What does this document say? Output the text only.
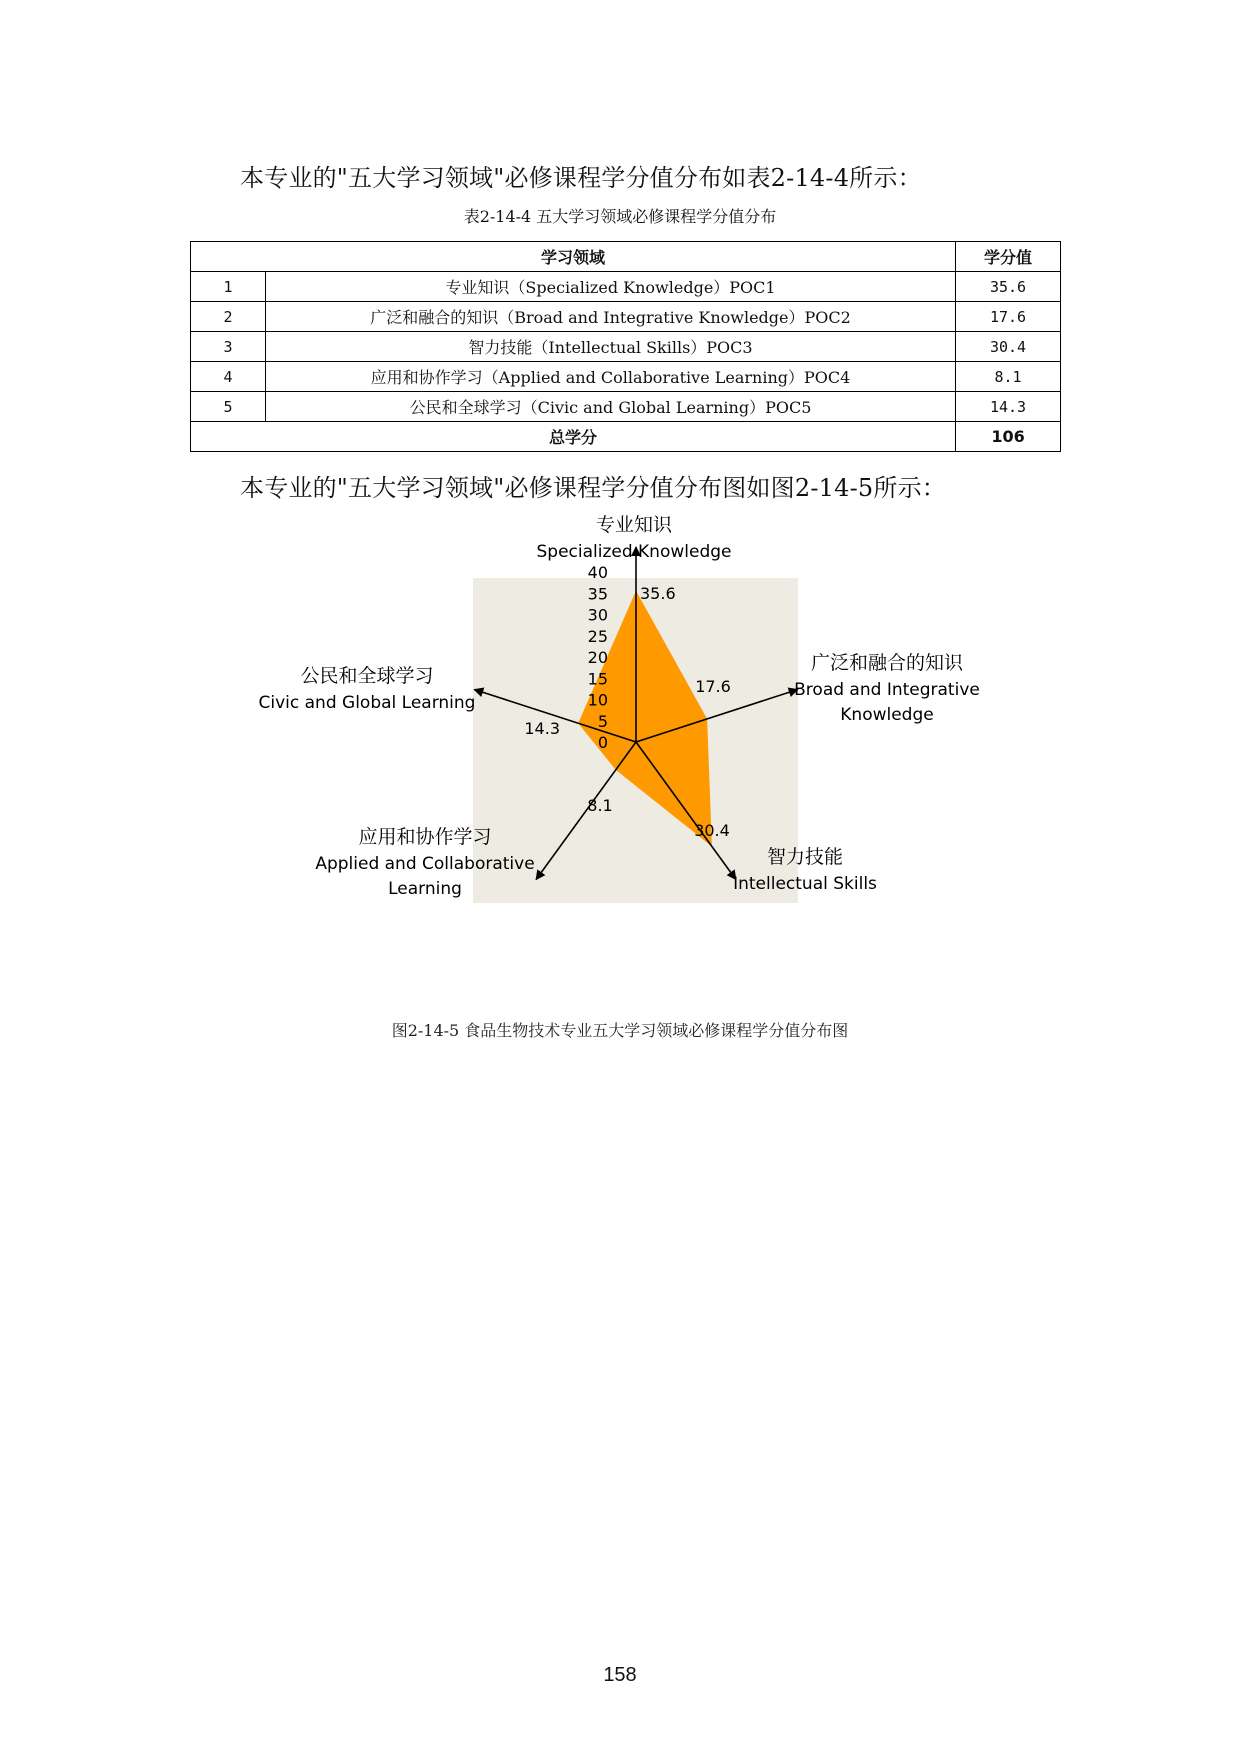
本专业的"五大学习领域"必修课程学分值分布如表2-14-4所示：

表2-14-4 五大学习领域必修课程学分值分布

学习领域		学分值
1	专业知识（Specialized Knowledge）POC1	35.6
2	广泛和融合的知识（Broad and Integrative Knowledge）POC2	17.6
3	智力技能（Intellectual Skills）POC3	30.4
4	应用和协作学习（Applied and Collaborative Learning）POC4	8.1
5	公民和全球学习（Civic and Global Learning）POC5	14.3
总学分		106

本专业的"五大学习领域"必修课程学分值分布图如图2-14-5所示：

0
5
10
15
20
25
30
35
40
35.6
17.6
30.4
8.1
14.3
专业知识
Specialized Knowledge
广泛和融合的知识
Broad and Integrative
Knowledge
智力技能
Intellectual Skills
应用和协作学习
Applied and Collaborative
Learning
公民和全球学习
Civic and Global Learning

图2-14-5 食品生物技术专业五大学习领域必修课程学分值分布图

158
